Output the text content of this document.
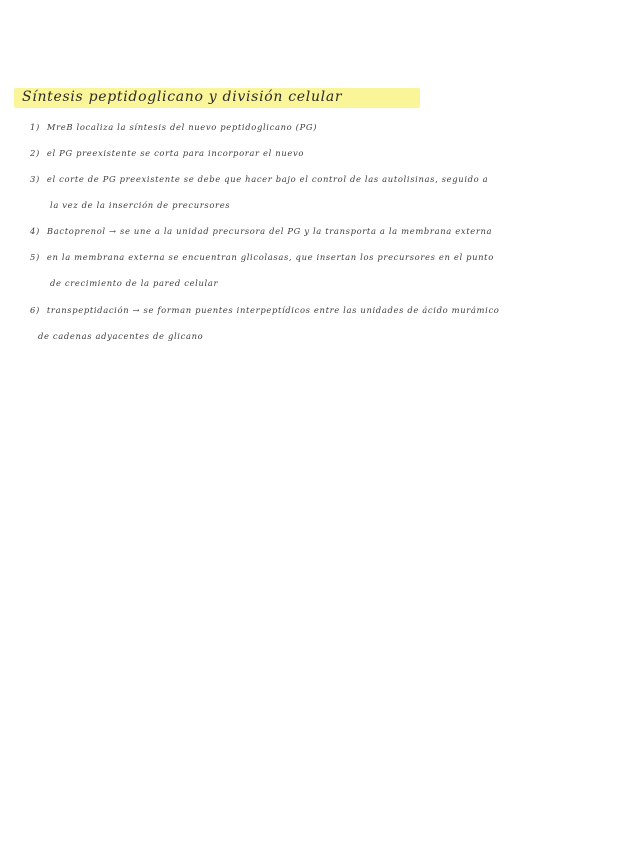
Síntesis peptidoglicano y división celular
1) MreB localiza la síntesis del nuevo peptidoglicano (PG)
2) el PG preexistente se corta para incorporar el nuevo
3) el corte de PG preexistente se debe que hacer bajo el control de las autolisinas, seguido a
la vez de la inserción de precursores
4) Bactoprenol → se une a la unidad precursora del PG y la transporta a la membrana externa
5) en la membrana externa se encuentran glicolasas, que insertan los precursores en el punto
de crecimiento de la pared celular
6) transpeptidación → se forman puentes interpeptídicos entre las unidades de ácido murámico
de cadenas adyacentes de glicano
